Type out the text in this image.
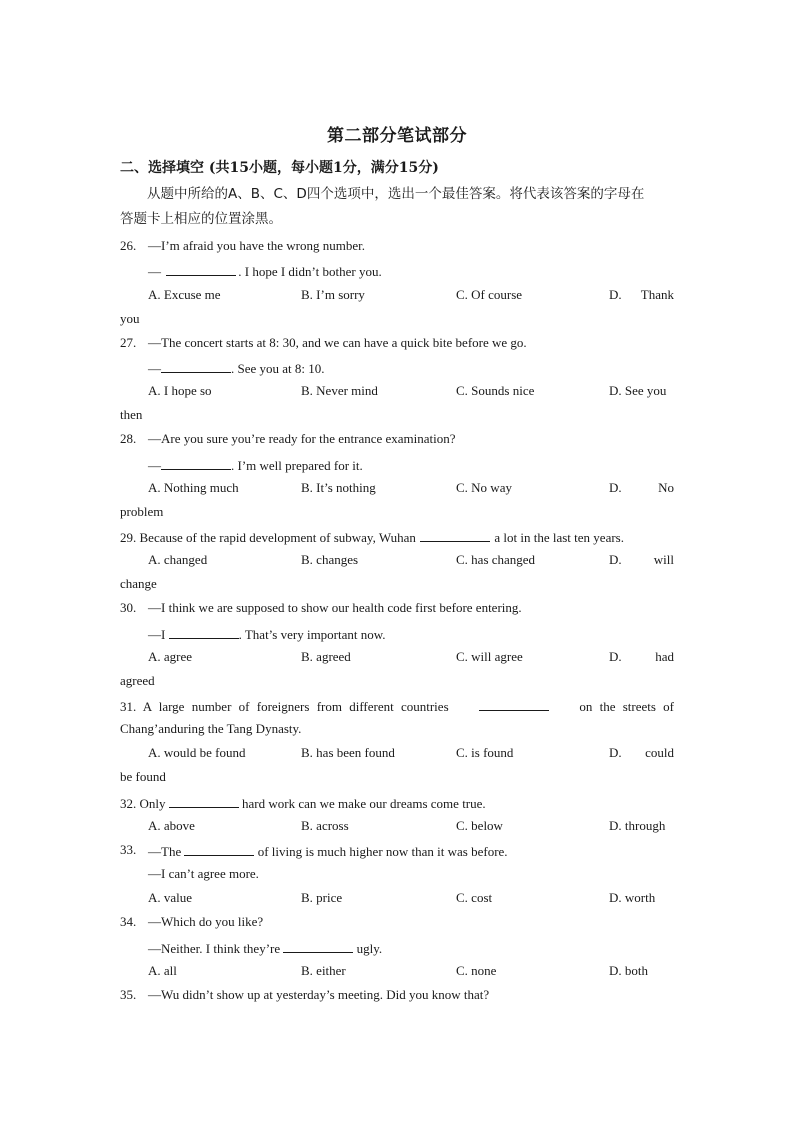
第二部分笔试部分
二、选择填空 (共15小题，每小题1分，满分15分)
从题中所给的A、B、C、D四个选项中，选出一个最佳答案。将代表该答案的字母在
答题卡上相应的位置涂黑。
26. —I’m afraid you have the wrong number.
—	. I hope I didn’t bother you.
A. Excuse me	B. I’m sorry	C. Of course	D. Thank
you
27. —The concert starts at 8: 30, and we can have a quick bite before we go.
—	. See you at 8: 10.
A. I hope so	B. Never mind	C. Sounds nice	D. See you
then
28. —Are you sure you’re ready for the entrance examination?
—	. I’m well prepared for it.
A. Nothing much	B. It’s nothing	C. No way	D.	No
problem
29. Because of the rapid development of subway, Wuhan	a lot in the last ten years.
A. changed	B. changes	C. has changed	D. will
change
30. —I think we are supposed to show our health code first before entering.
—I	. That’s very important now.
A. agree	B. agreed	C. will agree	D.	had
agreed
31. A large number of foreigners from different countries	on the streets of
Chang’anduring the Tang Dynasty.
A. would be found	B. has been found	C. is found	D. could
be found
32. Only	hard work can we make our dreams come true.
A. above	B. across	C. below	D. through
33. —The	of living is much higher now than it was before.
—I can’t agree more.
A. value	B. price	C. cost	D. worth
34. —Which do you like?
—Neither. I think they’re	ugly.
A. all	B. either	C. none	D. both
35. —Wu didn’t show up at yesterday’s meeting. Did you know that?
